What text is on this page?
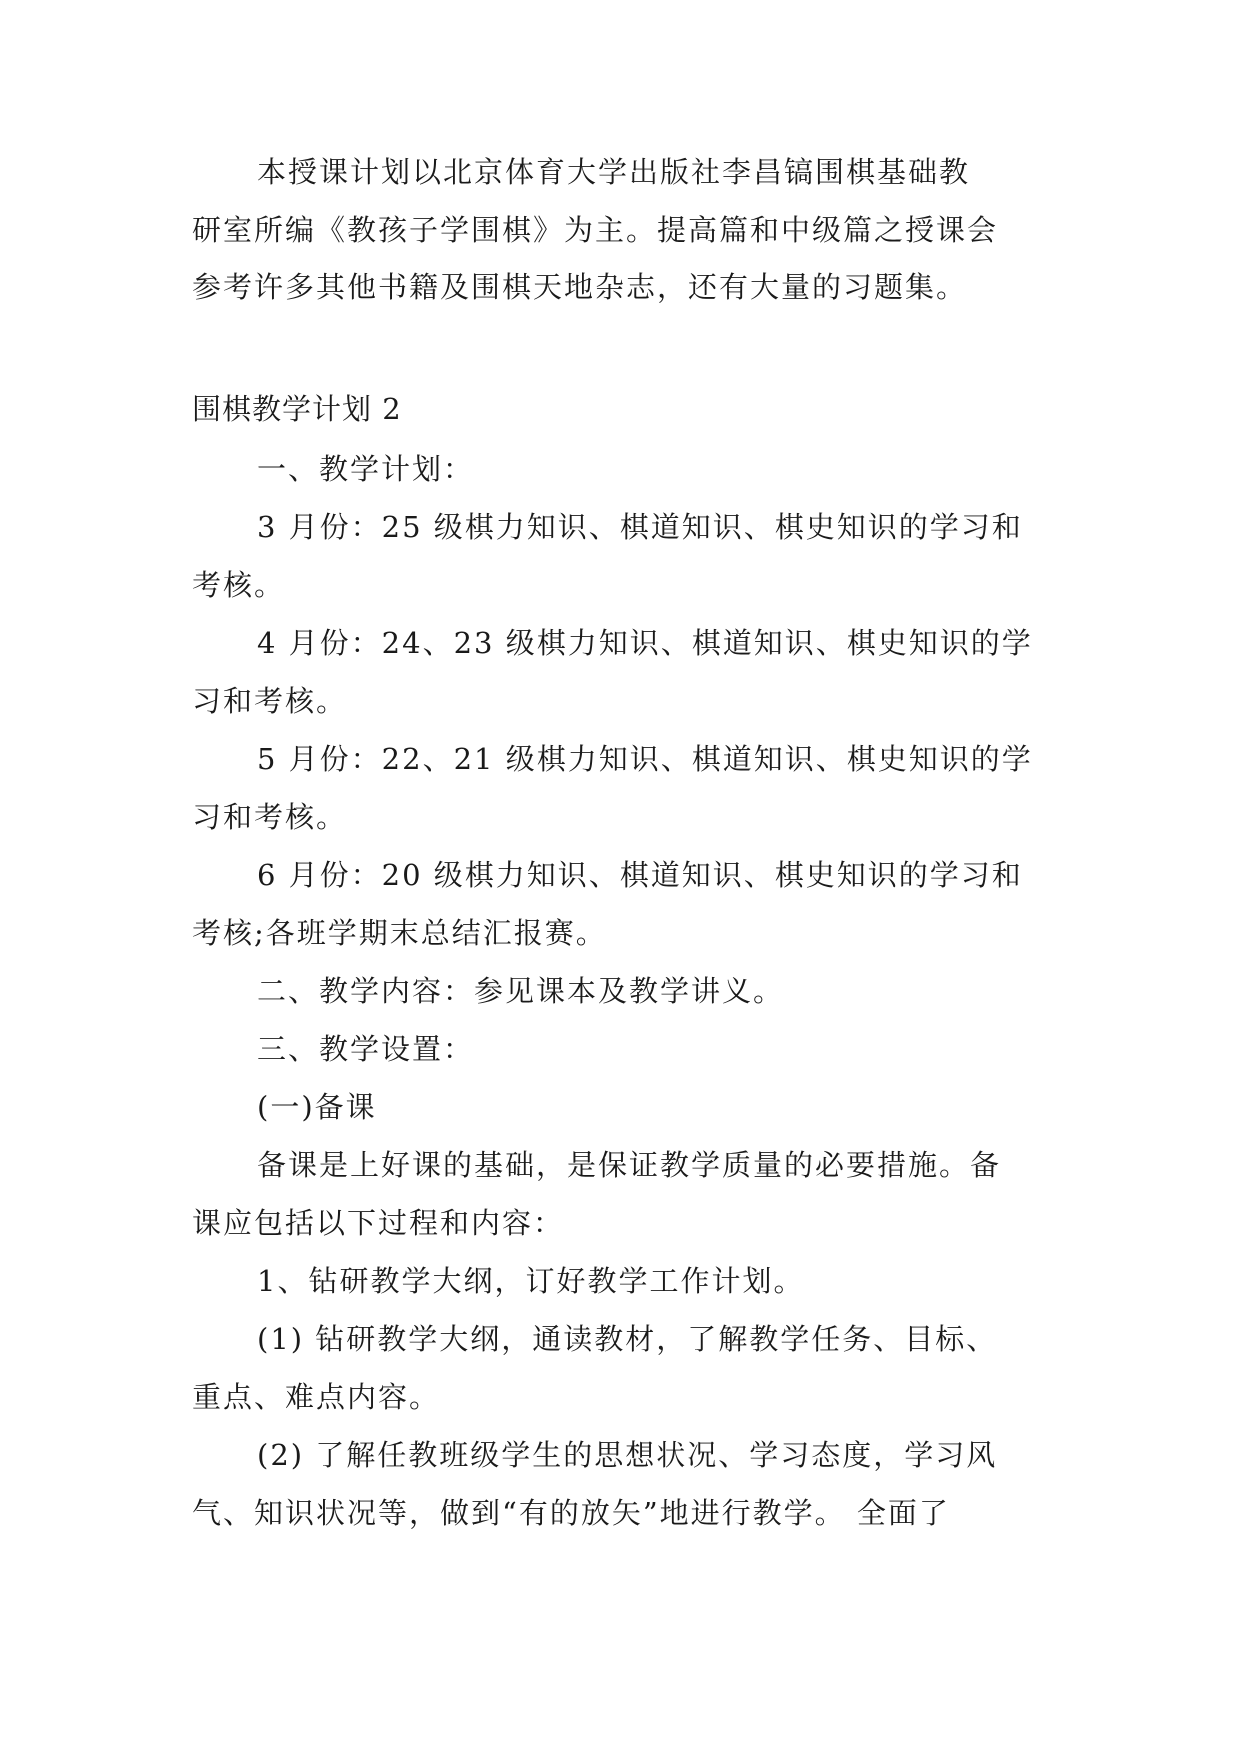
本授课计划以北京体育大学出版社李昌镐围棋基础教
研室所编《教孩子学围棋》为主。提高篇和中级篇之授课会
参考许多其他书籍及围棋天地杂志，还有大量的习题集。
围棋教学计划 2
一、教学计划：
3 月份：25 级棋力知识、棋道知识、棋史知识的学习和
考核。
4 月份：24、23 级棋力知识、棋道知识、棋史知识的学
习和考核。
5 月份：22、21 级棋力知识、棋道知识、棋史知识的学
习和考核。
6 月份：20 级棋力知识、棋道知识、棋史知识的学习和
考核;各班学期末总结汇报赛。
二、教学内容：参见课本及教学讲义。
三、教学设置：
(一)备课
备课是上好课的基础，是保证教学质量的必要措施。备
课应包括以下过程和内容：
1、钻研教学大纲，订好教学工作计划。
(1) 钻研教学大纲，通读教材，了解教学任务、目标、
重点、难点内容。
(2) 了解任教班级学生的思想状况、学习态度，学习风
气、知识状况等，做到“有的放矢”地进行教学。 全面了
